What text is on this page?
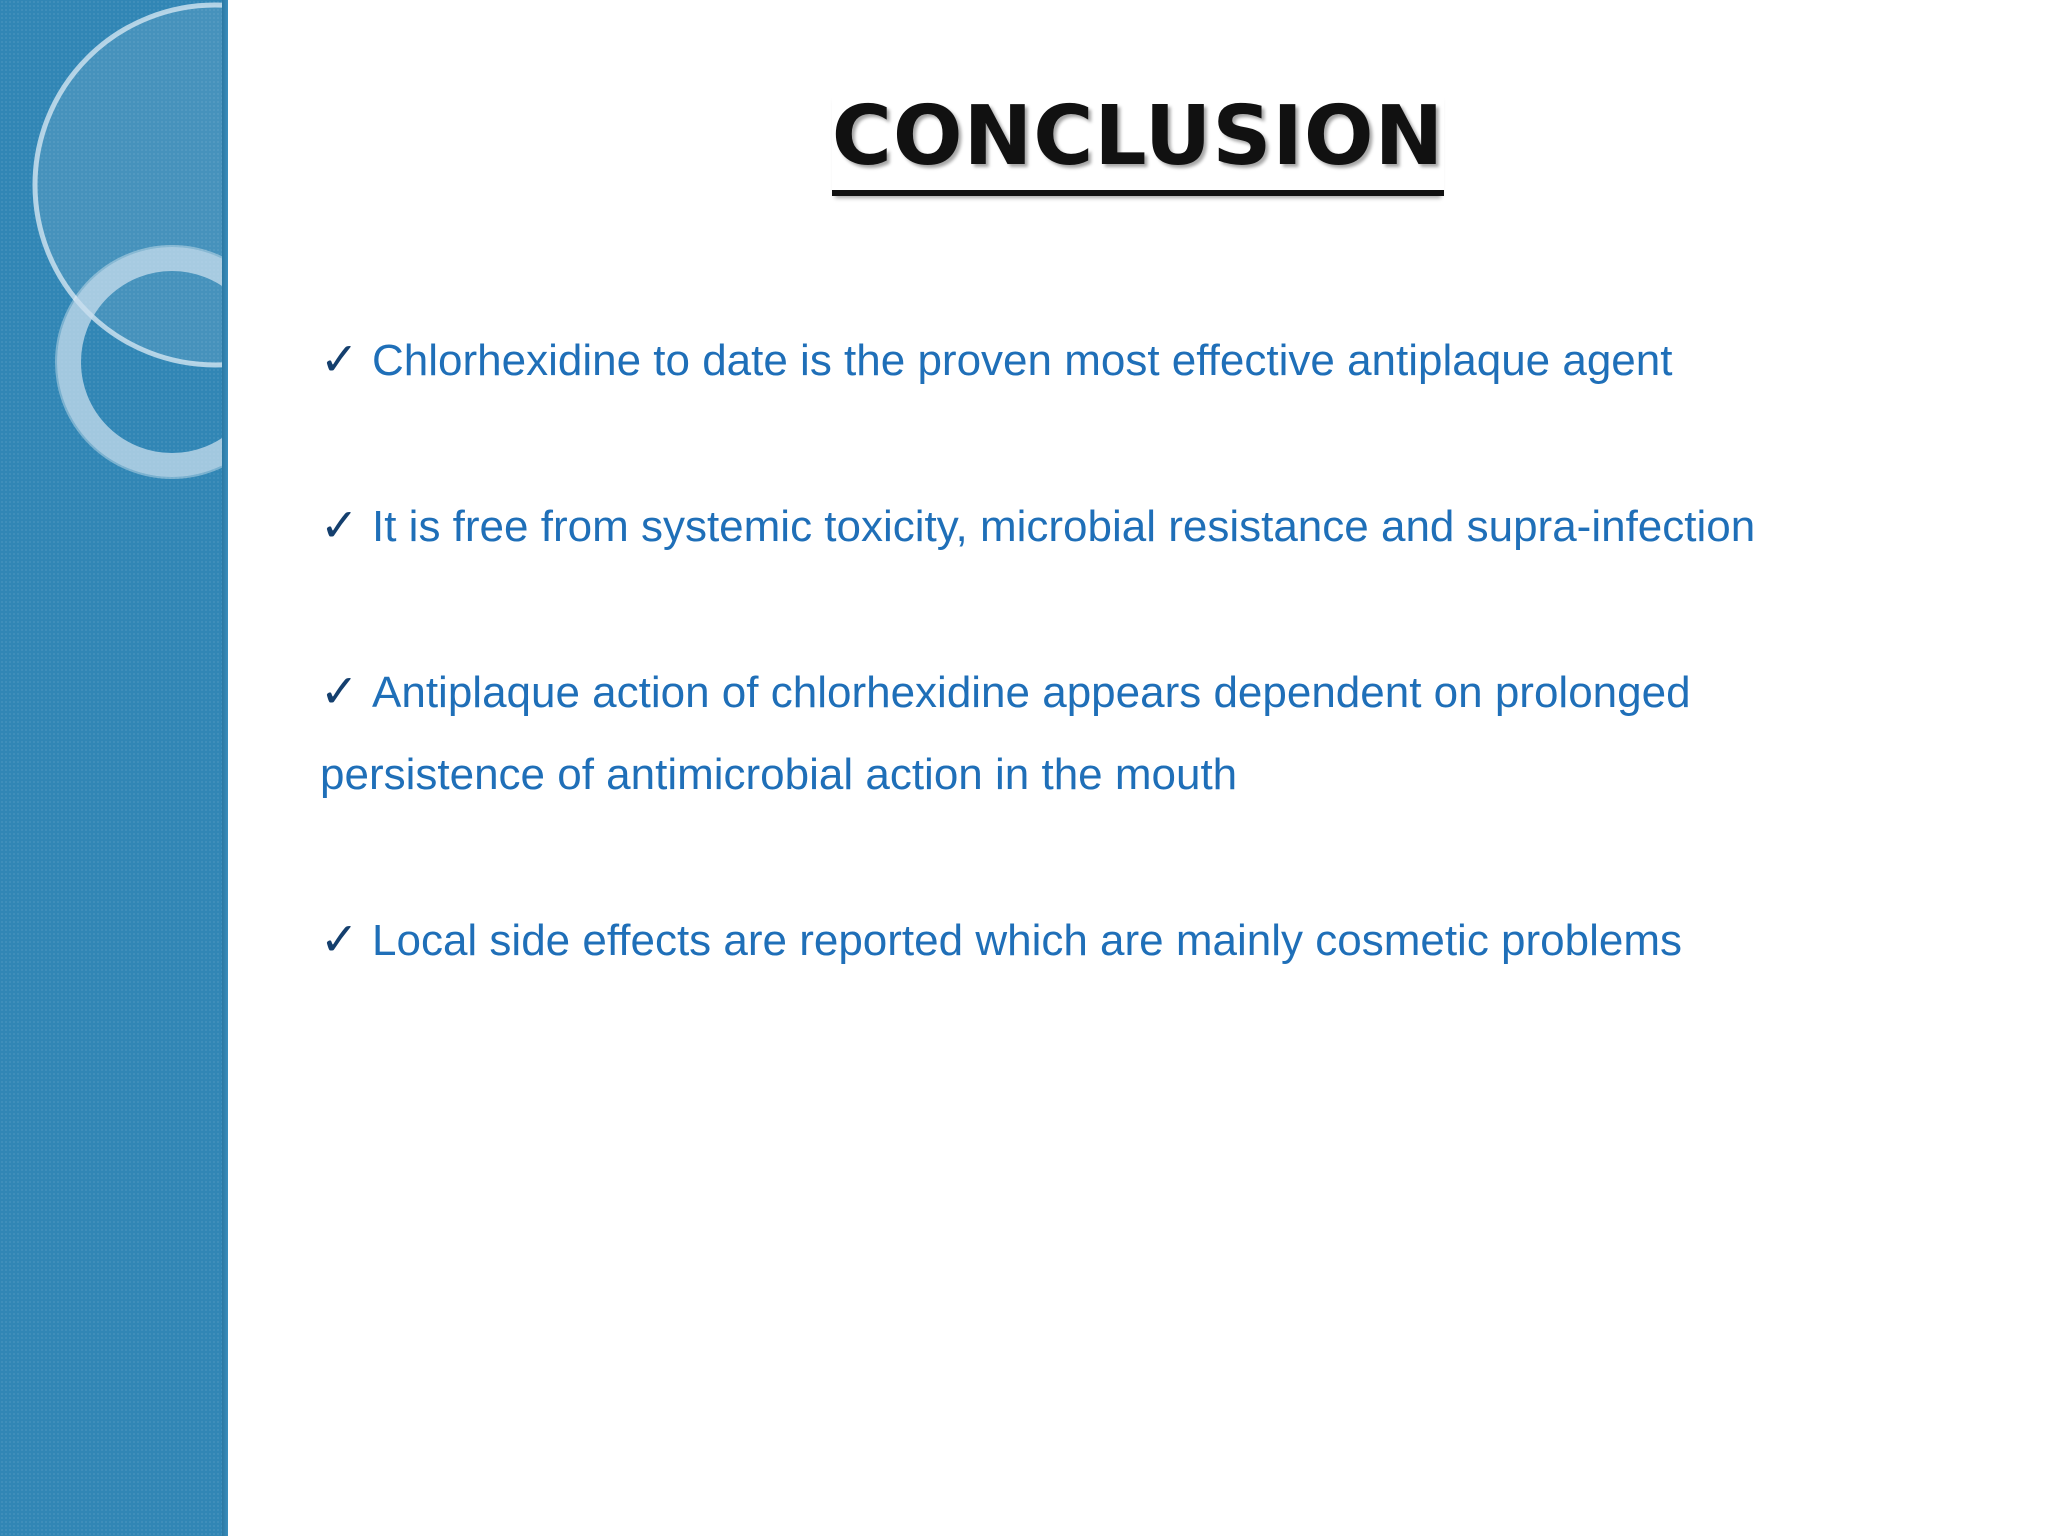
CONCLUSION
✓ Chlorhexidine to date is the proven most effective antiplaque agent
✓ It is free from systemic toxicity, microbial resistance and supra-infection
✓ Antiplaque action of chlorhexidine appears dependent on prolonged persistence of antimicrobial action in the mouth
✓ Local side effects are reported which are mainly cosmetic problems
